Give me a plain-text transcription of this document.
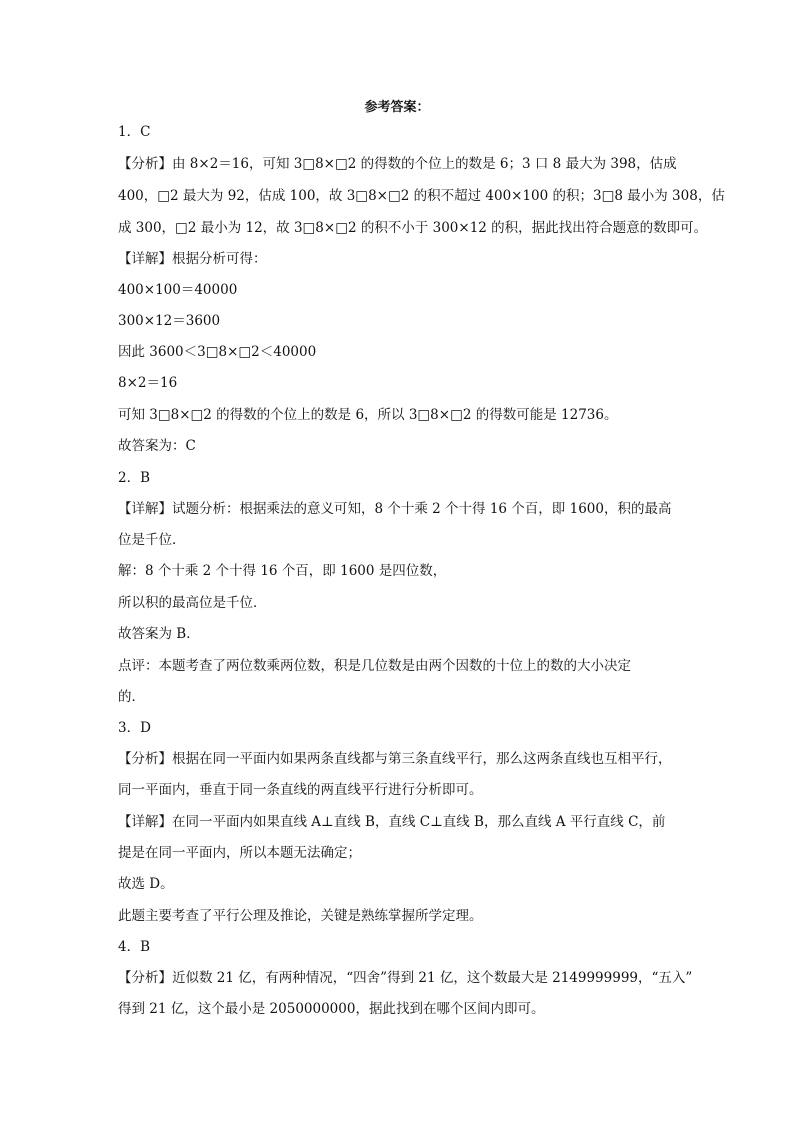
参考答案：
1．C
【分析】由 8×2＝16，可知 3□8×□2 的得数的个位上的数是 6；3 口 8 最大为 398，估成
400，□2 最大为 92，估成 100，故 3□8×□2 的积不超过 400×100 的积；3□8 最小为 308，估
成 300，□2 最小为 12，故 3□8×□2 的积不小于 300×12 的积，据此找出符合题意的数即可。
【详解】根据分析可得：
400×100＝40000
300×12＝3600
因此 3600＜3□8×□2＜40000
8×2＝16
可知 3□8×□2 的得数的个位上的数是 6，所以 3□8×□2 的得数可能是 12736。
故答案为：C
2．B
【详解】试题分析：根据乘法的意义可知，8 个十乘 2 个十得 16 个百，即 1600，积的最高
位是千位．
解：8 个十乘 2 个十得 16 个百，即 1600 是四位数，
所以积的最高位是千位．
故答案为 B．
点评：本题考查了两位数乘两位数，积是几位数是由两个因数的十位上的数的大小决定
的．
3．D
【分析】根据在同一平面内如果两条直线都与第三条直线平行，那么这两条直线也互相平行，
同一平面内，垂直于同一条直线的两直线平行进行分析即可。
【详解】在同一平面内如果直线 A⊥直线 B，直线 C⊥直线 B，那么直线 A 平行直线 C，前
提是在同一平面内，所以本题无法确定；
故选 D。
此题主要考查了平行公理及推论，关键是熟练掌握所学定理。
4．B
【分析】近似数 21 亿，有两种情况，“四舍”得到 21 亿，这个数最大是 2149999999，“五入”
得到 21 亿，这个最小是 2050000000，据此找到在哪个区间内即可。
